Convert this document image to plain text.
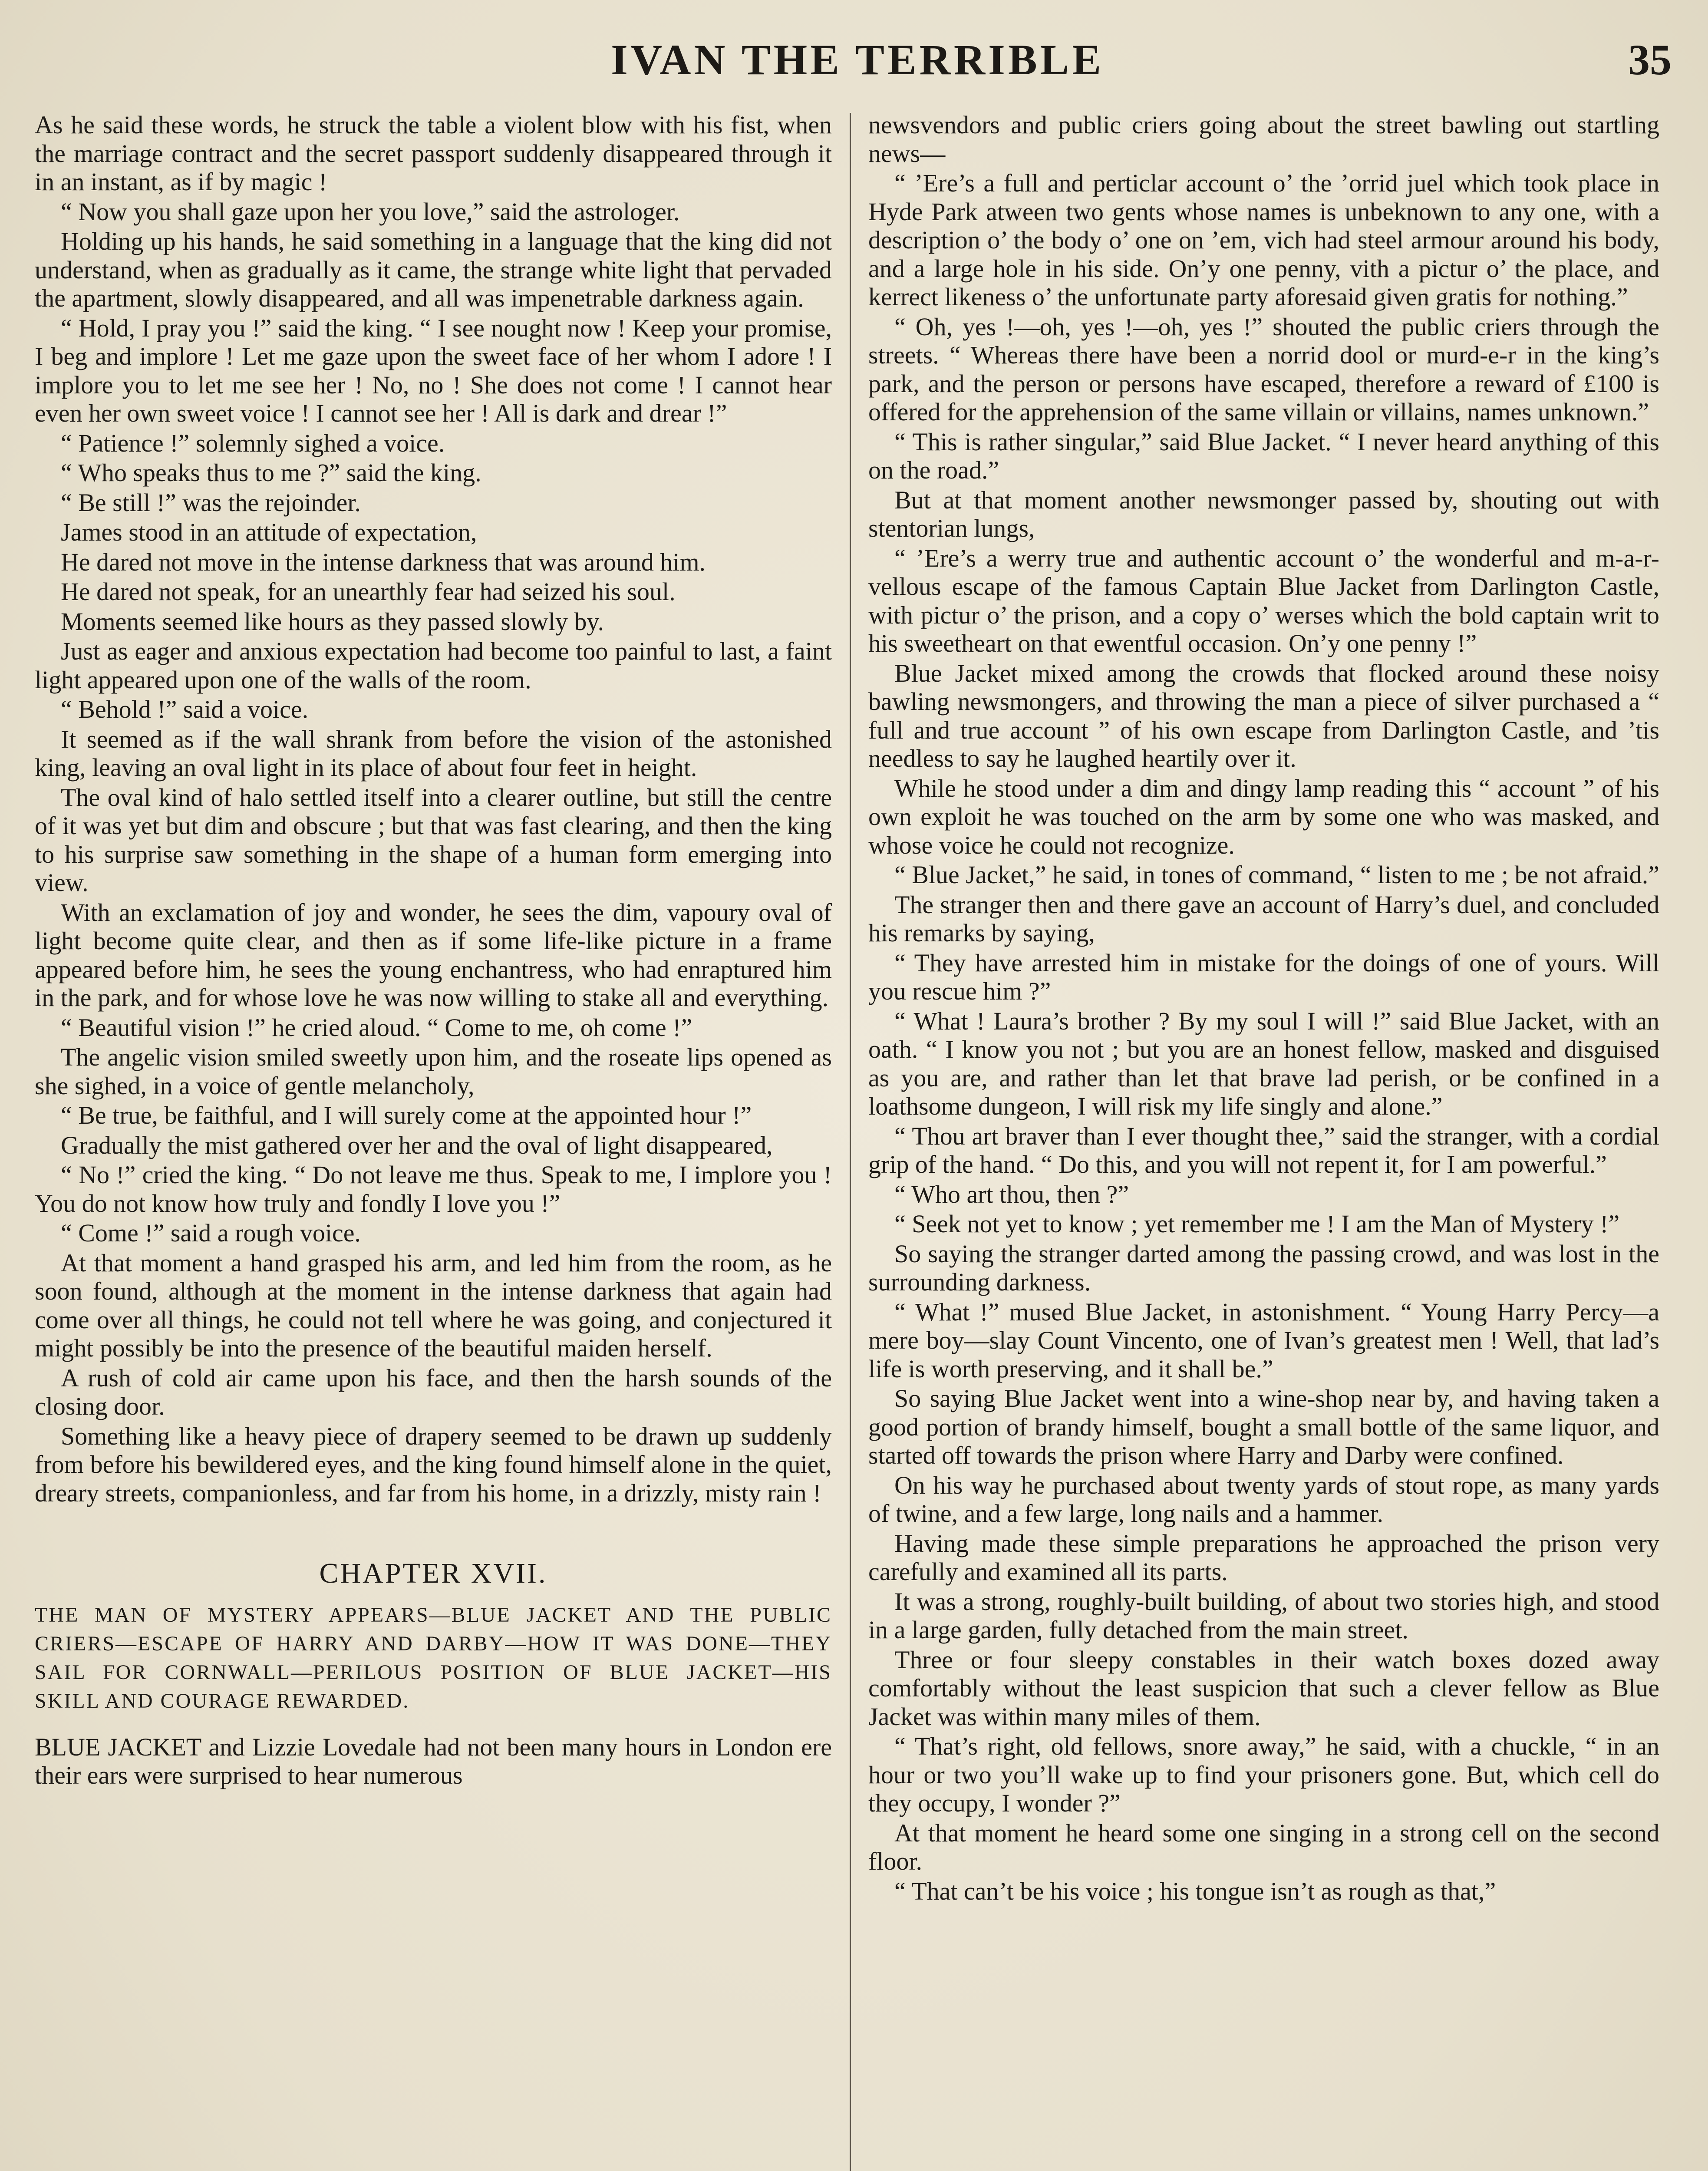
IVAN THE TERRIBLE	35

As he said these words, he struck the table a violent blow with his fist, when the marriage contract and the secret passport suddenly disappeared through it in an instant, as if by magic !

“ Now you shall gaze upon her you love,” said the astrologer.

Holding up his hands, he said something in a language that the king did not understand, when as gradually as it came, the strange white light that pervaded the apartment, slowly disappeared, and all was impenetrable darkness again.

“ Hold, I pray you !” said the king. “ I see nought now ! Keep your promise, I beg and implore ! Let me gaze upon the sweet face of her whom I adore ! I implore you to let me see her ! No, no ! She does not come ! I cannot hear even her own sweet voice ! I cannot see her ! All is dark and drear !”

“ Patience !” solemnly sighed a voice.

“ Who speaks thus to me ?” said the king.

“ Be still !” was the rejoinder.

James stood in an attitude of expectation,

He dared not move in the intense darkness that was around him.

He dared not speak, for an unearthly fear had seized his soul.

Moments seemed like hours as they passed slowly by.

Just as eager and anxious expectation had become too painful to last, a faint light appeared upon one of the walls of the room.

“ Behold !” said a voice.

It seemed as if the wall shrank from before the vision of the astonished king, leaving an oval light in its place of about four feet in height.

The oval kind of halo settled itself into a clearer outline, but still the centre of it was yet but dim and obscure ; but that was fast clearing, and then the king to his surprise saw something in the shape of a human form emerging into view.

With an exclamation of joy and wonder, he sees the dim, vapoury oval of light become quite clear, and then as if some life-like picture in a frame appeared before him, he sees the young enchantress, who had enraptured him in the park, and for whose love he was now willing to stake all and everything.

“ Beautiful vision !” he cried aloud. “ Come to me, oh come !”

The angelic vision smiled sweetly upon him, and the roseate lips opened as she sighed, in a voice of gentle melancholy,

“ Be true, be faithful, and I will surely come at the appointed hour !”

Gradually the mist gathered over her and the oval of light disappeared,

“ No !” cried the king. “ Do not leave me thus. Speak to me, I implore you ! You do not know how truly and fondly I love you !”

“ Come !” said a rough voice.

At that moment a hand grasped his arm, and led him from the room, as he soon found, although at the moment in the intense darkness that again had come over all things, he could not tell where he was going, and conjectured it might possibly be into the presence of the beautiful maiden herself.

A rush of cold air came upon his face, and then the harsh sounds of the closing door.

Something like a heavy piece of drapery seemed to be drawn up suddenly from before his bewildered eyes, and the king found himself alone in the quiet, dreary streets, companionless, and far from his home, in a drizzly, misty rain !

CHAPTER XVII.
THE MAN OF MYSTERY APPEARS—BLUE JACKET AND THE PUBLIC CRIERS—ESCAPE OF HARRY AND DARBY—HOW IT WAS DONE—THEY SAIL FOR CORNWALL—PERILOUS POSITION OF BLUE JACKET—HIS SKILL AND COURAGE REWARDED.

BLUE JACKET and Lizzie Lovedale had not been many hours in London ere their ears were surprised to hear numerous

newsvendors and public criers going about the street bawling out startling news—

“ ’Ere’s a full and perticlar account o’ the ’orrid juel which took place in Hyde Park atween two gents whose names is unbeknown to any one, with a description o’ the body o’ one on ’em, vich had steel armour around his body, and a large hole in his side. On’y one penny, vith a pictur o’ the place, and kerrect likeness o’ the unfortunate party aforesaid given gratis for nothing.”

“ Oh, yes !—oh, yes !—oh, yes !” shouted the public criers through the streets. “ Whereas there have been a norrid dool or murd-e-r in the king’s park, and the person or persons have escaped, therefore a reward of £100 is offered for the apprehension of the same villain or villains, names unknown.”

“ This is rather singular,” said Blue Jacket. “ I never heard anything of this on the road.”

But at that moment another newsmonger passed by, shouting out with stentorian lungs,

“ ’Ere’s a werry true and authentic account o’ the wonderful and m-a-r-vellous escape of the famous Captain Blue Jacket from Darlington Castle, with pictur o’ the prison, and a copy o’ werses which the bold captain writ to his sweetheart on that ewentful occasion. On’y one penny !”

Blue Jacket mixed among the crowds that flocked around these noisy bawling newsmongers, and throwing the man a piece of silver purchased a “ full and true account ” of his own escape from Darlington Castle, and ’tis needless to say he laughed heartily over it.

While he stood under a dim and dingy lamp reading this “ account ” of his own exploit he was touched on the arm by some one who was masked, and whose voice he could not recognize.

“ Blue Jacket,” he said, in tones of command, “ listen to me ; be not afraid.”

The stranger then and there gave an account of Harry’s duel, and concluded his remarks by saying,

“ They have arrested him in mistake for the doings of one of yours. Will you rescue him ?”

“ What ! Laura’s brother ? By my soul I will !” said Blue Jacket, with an oath. “ I know you not ; but you are an honest fellow, masked and disguised as you are, and rather than let that brave lad perish, or be confined in a loathsome dungeon, I will risk my life singly and alone.”

“ Thou art braver than I ever thought thee,” said the stranger, with a cordial grip of the hand. “ Do this, and you will not repent it, for I am powerful.”

“ Who art thou, then ?”

“ Seek not yet to know ; yet remember me ! I am the Man of Mystery !”

So saying the stranger darted among the passing crowd, and was lost in the surrounding darkness.

“ What !” mused Blue Jacket, in astonishment. “ Young Harry Percy—a mere boy—slay Count Vincento, one of Ivan’s greatest men ! Well, that lad’s life is worth preserving, and it shall be.”

So saying Blue Jacket went into a wine-shop near by, and having taken a good portion of brandy himself, bought a small bottle of the same liquor, and started off towards the prison where Harry and Darby were confined.

On his way he purchased about twenty yards of stout rope, as many yards of twine, and a few large, long nails and a hammer.

Having made these simple preparations he approached the prison very carefully and examined all its parts.

It was a strong, roughly-built building, of about two stories high, and stood in a large garden, fully detached from the main street.

Three or four sleepy constables in their watch boxes dozed away comfortably without the least suspicion that such a clever fellow as Blue Jacket was within many miles of them.

“ That’s right, old fellows, snore away,” he said, with a chuckle, “ in an hour or two you’ll wake up to find your prisoners gone. But, which cell do they occupy, I wonder ?”

At that moment he heard some one singing in a strong cell on the second floor.

“ That can’t be his voice ; his tongue isn’t as rough as that,”
